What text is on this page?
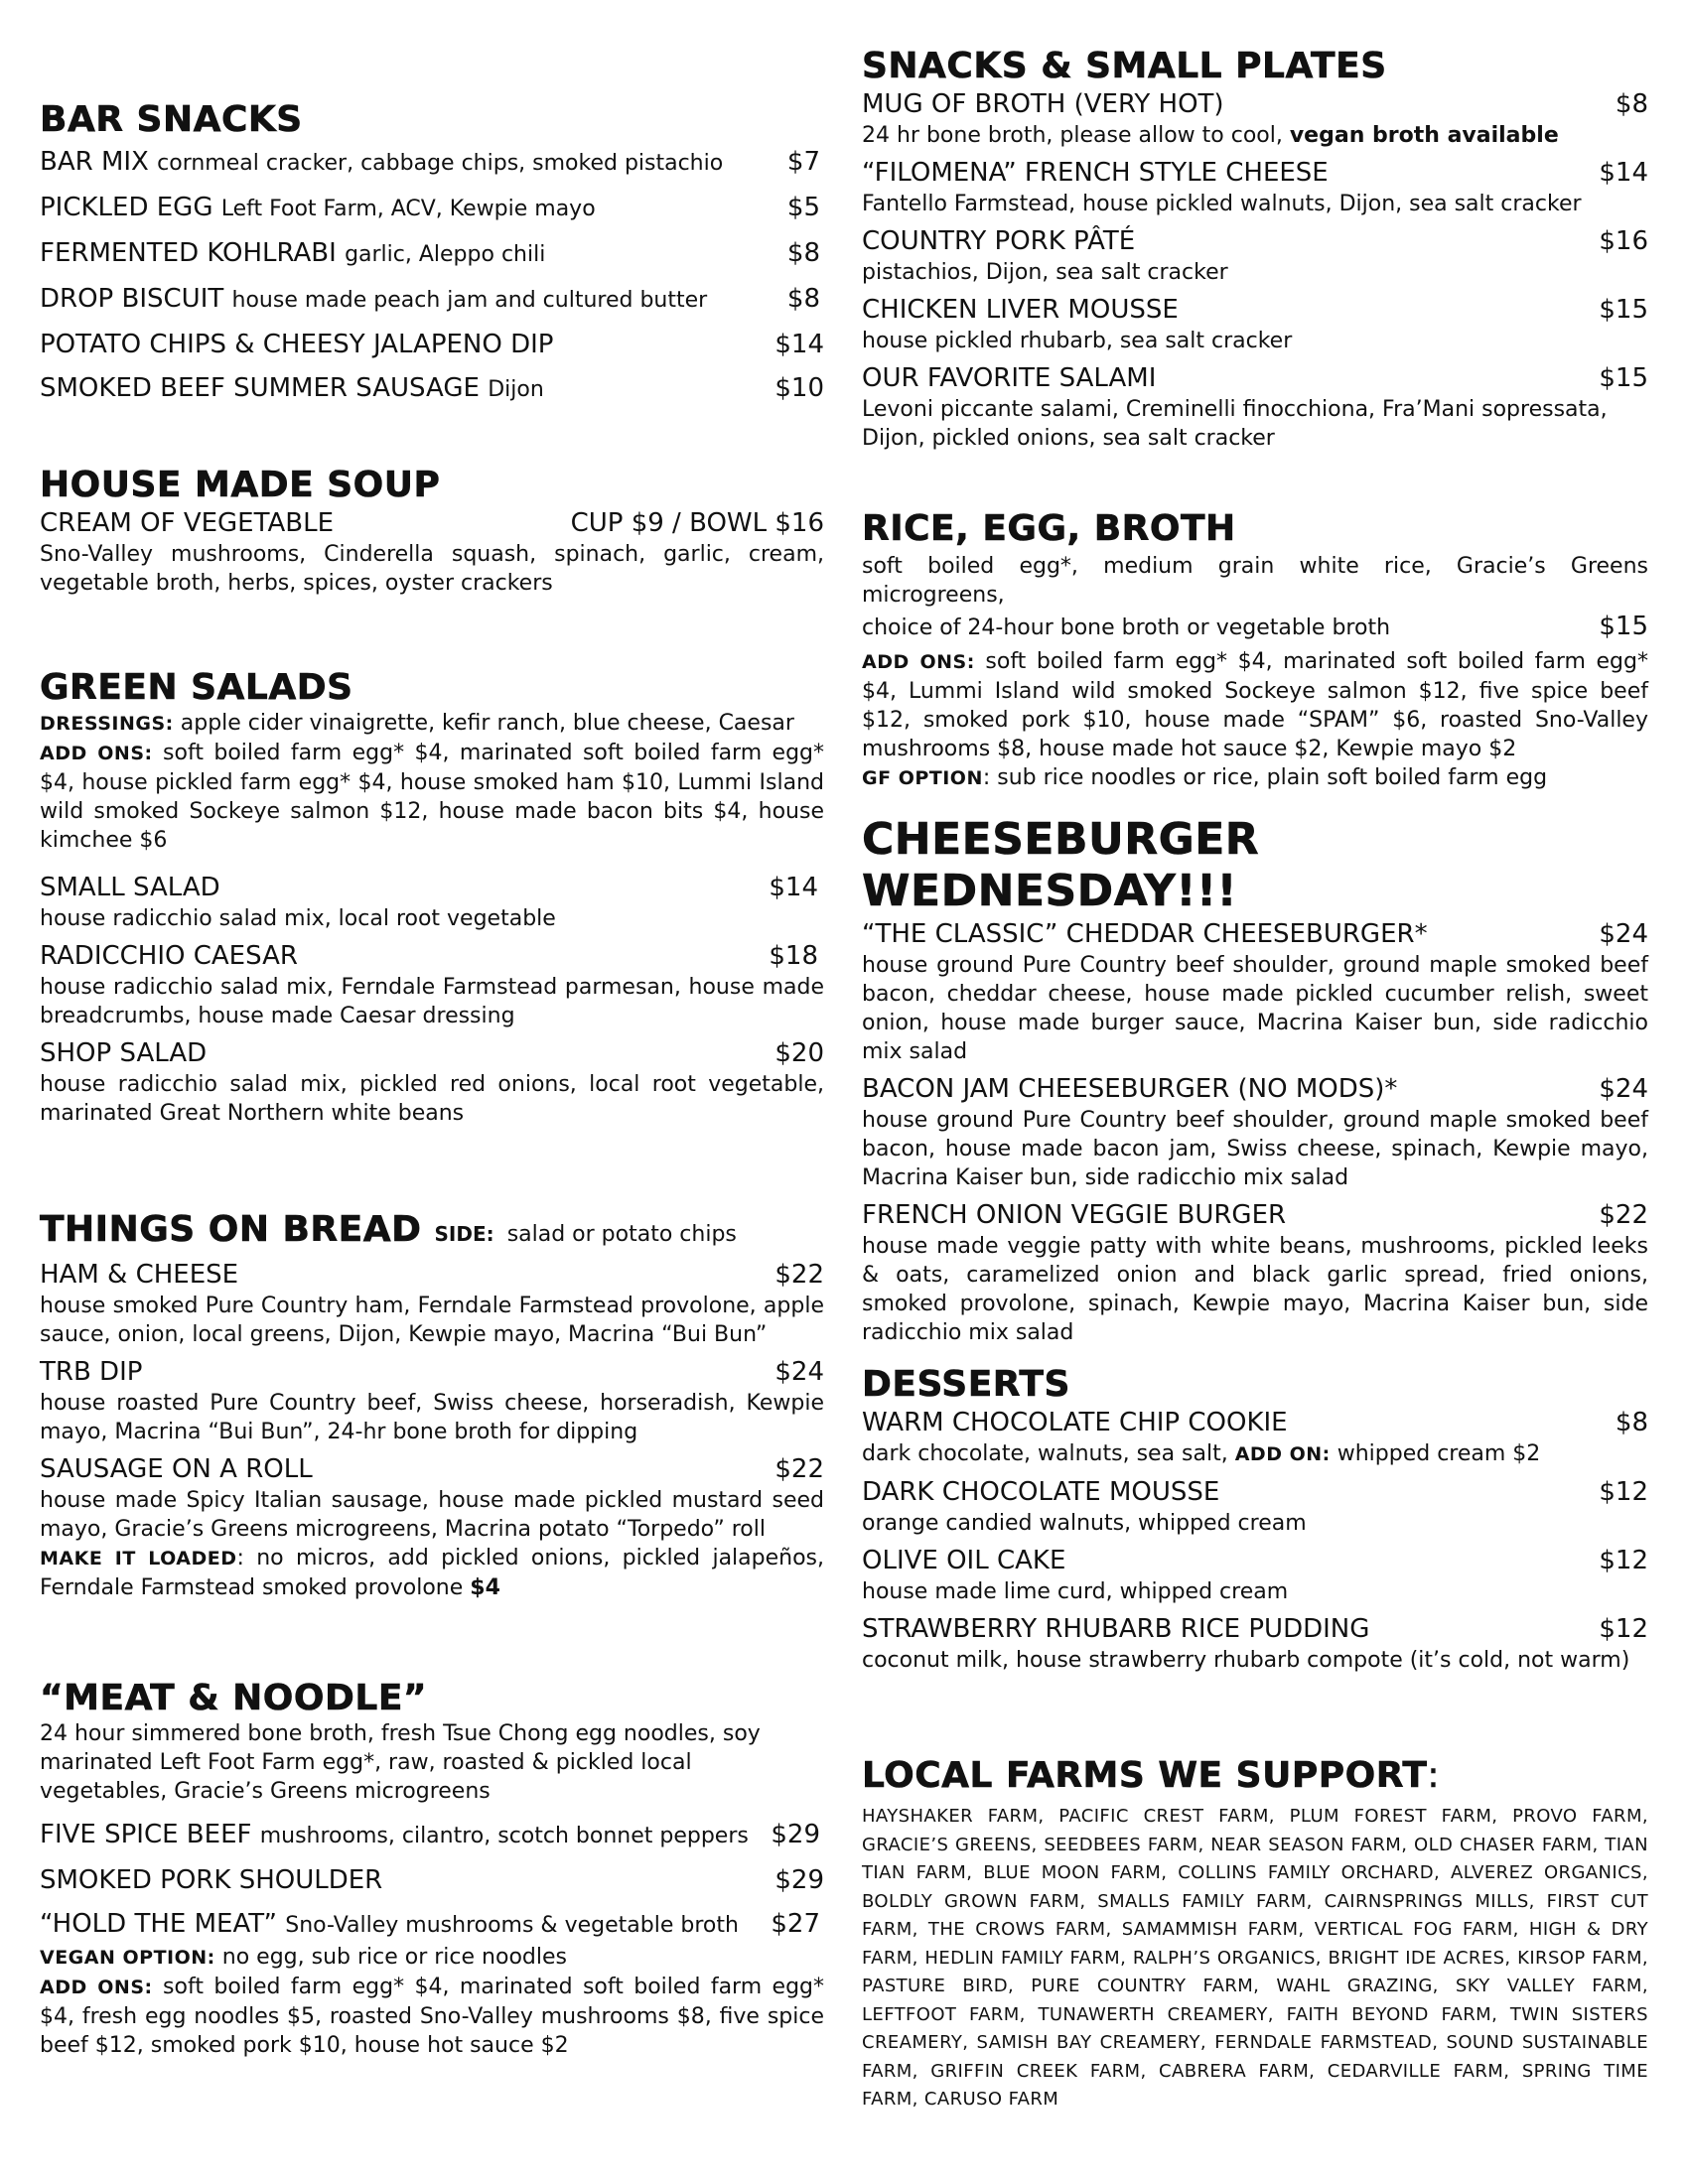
BAR SNACKS
BAR MIX cornmeal cracker, cabbage chips, smoked pistachio $7
PICKLED EGG Left Foot Farm, ACV, Kewpie mayo	$5
FERMENTED KOHLRABI garlic, Aleppo chili	$8
DROP BISCUIT house made peach jam and cultured butter	$8
POTATO CHIPS & CHEESY JALAPENO DIP	$14
SMOKED BEEF SUMMER SAUSAGE Dijon	$10
HOUSE MADE SOUP
CREAM OF VEGETABLE	CUP $9 / BOWL $16
Sno-Valley mushrooms, Cinderella squash, spinach, garlic, cream, vegetable broth, herbs, spices, oyster crackers
GREEN SALADS
DRESSINGS: apple cider vinaigrette, kefir ranch, blue cheese, Caesar
ADD ONS: soft boiled farm egg* $4, marinated soft boiled farm egg* $4, house pickled farm egg* $4, house smoked ham $10, Lummi Island wild smoked Sockeye salmon $12, house made bacon bits $4, house kimchee $6
SMALL SALAD	$14
house radicchio salad mix, local root vegetable
RADICCHIO CAESAR	$18
house radicchio salad mix, Ferndale Farmstead parmesan, house made breadcrumbs, house made Caesar dressing
SHOP SALAD	$20
house radicchio salad mix, pickled red onions, local root vegetable, marinated Great Northern white beans
THINGS ON BREAD SIDE: salad or potato chips
HAM & CHEESE	$22
house smoked Pure Country ham, Ferndale Farmstead provolone, apple sauce, onion, local greens, Dijon, Kewpie mayo, Macrina “Bui Bun”
TRB DIP	$24
house roasted Pure Country beef, Swiss cheese, horseradish, Kewpie mayo, Macrina “Bui Bun”, 24-hr bone broth for dipping
SAUSAGE ON A ROLL	$22
house made Spicy Italian sausage, house made pickled mustard seed mayo, Gracie’s Greens microgreens, Macrina potato “Torpedo” roll
MAKE IT LOADED: no micros, add pickled onions, pickled jalapeños, Ferndale Farmstead smoked provolone $4
“MEAT & NOODLE”
24 hour simmered bone broth, fresh Tsue Chong egg noodles, soy marinated Left Foot Farm egg*, raw, roasted & pickled local vegetables, Gracie’s Greens microgreens
FIVE SPICE BEEF mushrooms, cilantro, scotch bonnet peppers $29
SMOKED PORK SHOULDER	$29
“HOLD THE MEAT” Sno-Valley mushrooms & vegetable broth $27
VEGAN OPTION: no egg, sub rice or rice noodles
ADD ONS: soft boiled farm egg* $4, marinated soft boiled farm egg* $4, fresh egg noodles $5, roasted Sno-Valley mushrooms $8, five spice beef $12, smoked pork $10, house hot sauce $2
SNACKS & SMALL PLATES
MUG OF BROTH (VERY HOT)	$8
24 hr bone broth, please allow to cool, vegan broth available
“FILOMENA” FRENCH STYLE CHEESE	$14
Fantello Farmstead, house pickled walnuts, Dijon, sea salt cracker
COUNTRY PORK PÂTÉ	$16
pistachios, Dijon, sea salt cracker
CHICKEN LIVER MOUSSE	$15
house pickled rhubarb, sea salt cracker
OUR FAVORITE SALAMI	$15
Levoni piccante salami, Creminelli finocchiona, Fra’Mani sopressata, Dijon, pickled onions, sea salt cracker
RICE, EGG, BROTH
soft boiled egg*, medium grain white rice, Gracie’s Greens microgreens,
choice of 24-hour bone broth or vegetable broth	$15
ADD ONS: soft boiled farm egg* $4, marinated soft boiled farm egg* $4, Lummi Island wild smoked Sockeye salmon $12, five spice beef $12, smoked pork $10, house made “SPAM” $6, roasted Sno-Valley mushrooms $8, house made hot sauce $2, Kewpie mayo $2
GF OPTION: sub rice noodles or rice, plain soft boiled farm egg
CHEESEBURGER WEDNESDAY!!!
“THE CLASSIC” CHEDDAR CHEESEBURGER*	$24
house ground Pure Country beef shoulder, ground maple smoked beef bacon, cheddar cheese, house made pickled cucumber relish, sweet onion, house made burger sauce, Macrina Kaiser bun, side radicchio mix salad
BACON JAM CHEESEBURGER (NO MODS)*	$24
house ground Pure Country beef shoulder, ground maple smoked beef bacon, house made bacon jam, Swiss cheese, spinach, Kewpie mayo, Macrina Kaiser bun, side radicchio mix salad
FRENCH ONION VEGGIE BURGER	$22
house made veggie patty with white beans, mushrooms, pickled leeks & oats, caramelized onion and black garlic spread, fried onions, smoked provolone, spinach, Kewpie mayo, Macrina Kaiser bun, side radicchio mix salad
DESSERTS
WARM CHOCOLATE CHIP COOKIE	$8
dark chocolate, walnuts, sea salt, ADD ON: whipped cream $2
DARK CHOCOLATE MOUSSE	$12
orange candied walnuts, whipped cream
OLIVE OIL CAKE	$12
house made lime curd, whipped cream
STRAWBERRY RHUBARB RICE PUDDING	$12
coconut milk, house strawberry rhubarb compote (it’s cold, not warm)
LOCAL FARMS WE SUPPORT:
HAYSHAKER FARM, PACIFIC CREST FARM, PLUM FOREST FARM, PROVO FARM, GRACIE’S GREENS, SEEDBEES FARM, NEAR SEASON FARM, OLD CHASER FARM, TIAN TIAN FARM, BLUE MOON FARM, COLLINS FAMILY ORCHARD, ALVEREZ ORGANICS, BOLDLY GROWN FARM, SMALLS FAMILY FARM, CAIRNSPRINGS MILLS, FIRST CUT FARM, THE CROWS FARM, SAMAMMISH FARM, VERTICAL FOG FARM, HIGH & DRY FARM, HEDLIN FAMILY FARM, RALPH’S ORGANICS, BRIGHT IDE ACRES, KIRSOP FARM, PASTURE BIRD, PURE COUNTRY FARM, WAHL GRAZING, SKY VALLEY FARM, LEFTFOOT FARM, TUNAWERTH CREAMERY, FAITH BEYOND FARM, TWIN SISTERS CREAMERY, SAMISH BAY CREAMERY, FERNDALE FARMSTEAD, SOUND SUSTAINABLE FARM, GRIFFIN CREEK FARM, CABRERA FARM, CEDARVILLE FARM, SPRING TIME FARM, CARUSO FARM
